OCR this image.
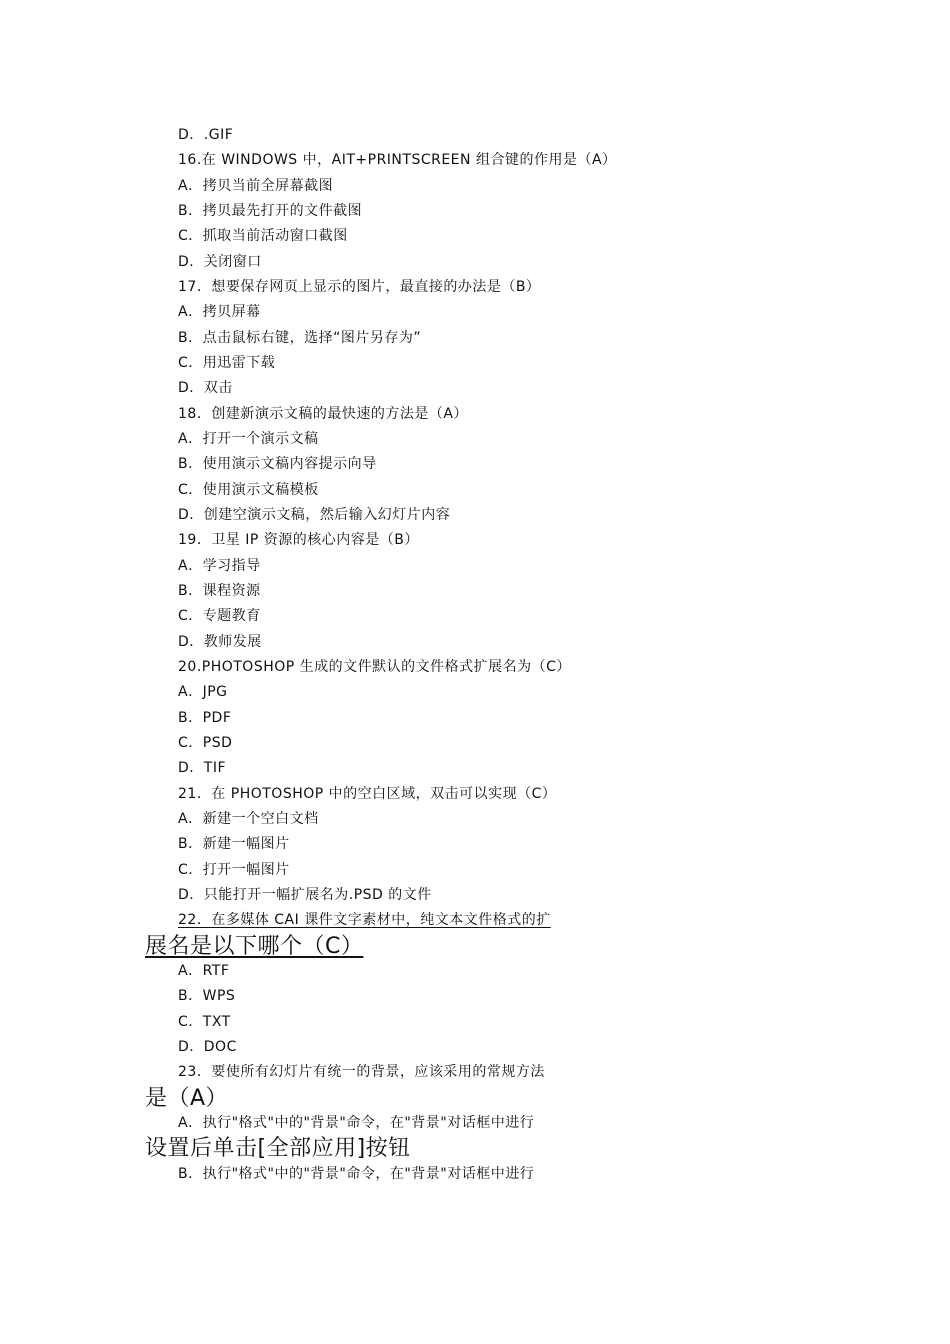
D．.GIF
16.在 WINDOWS 中，AIT+PRINTSCREEN 组合键的作用是（A）
A．拷贝当前全屏幕截图
B．拷贝最先打开的文件截图
C．抓取当前活动窗口截图
D．关闭窗口
17．想要保存网页上显示的图片，最直接的办法是（B）
A．拷贝屏幕
B．点击鼠标右键，选择“图片另存为”
C．用迅雷下载
D．双击
18．创建新演示文稿的最快速的方法是（A）
A．打开一个演示文稿
B．使用演示文稿内容提示向导
C．使用演示文稿模板
D．创建空演示文稿，然后输入幻灯片内容
19．卫星 IP 资源的核心内容是（B）
A．学习指导
B．课程资源
C．专题教育
D．教师发展
20.PHOTOSHOP 生成的文件默认的文件格式扩展名为（C）
A．JPG
B．PDF
C．PSD
D．TIF
21．在 PHOTOSHOP 中的空白区域，双击可以实现（C）
A．新建一个空白文档
B．新建一幅图片
C．打开一幅图片
D．只能打开一幅扩展名为.PSD 的文件
22．在多媒体 CAI 课件文字素材中，纯文本文件格式的扩
展名是以下哪个（C）
A．RTF
B．WPS
C．TXT
D．DOC
23．要使所有幻灯片有统一的背景，应该采用的常规方法
是（A）
A．执行"格式"中的"背景"命令，在"背景"对话框中进行
设置后单击[全部应用]按钮
B．执行"格式"中的"背景"命令，在"背景"对话框中进行
